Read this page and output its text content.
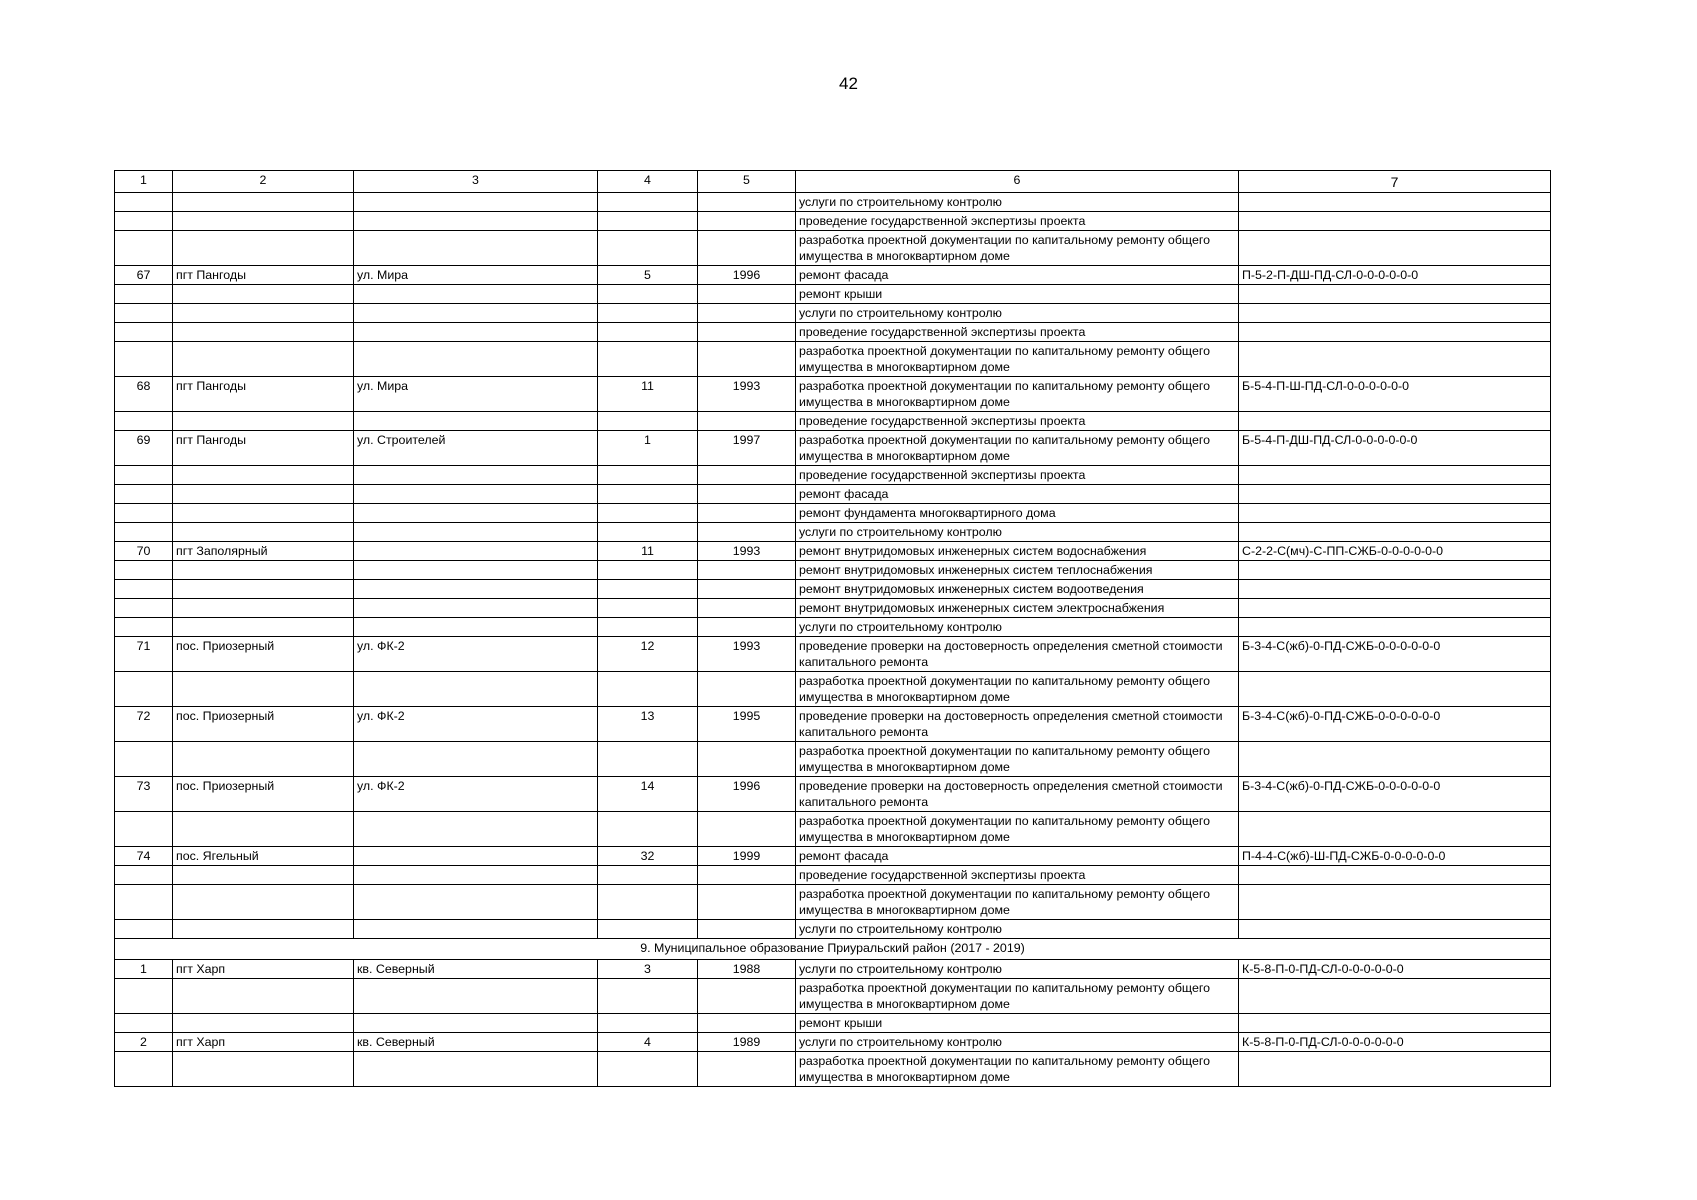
42
1	2	3	4	5	6	7
					услуги по строительному контролю	
					проведение государственной экспертизы проекта	
					разработка проектной документации по капитальному ремонту общего имущества в многоквартирном доме	
67	пгт Пангоды	ул. Мира	5	1996	ремонт фасада	П-5-2-П-ДШ-ПД-СЛ-0-0-0-0-0-0
					ремонт крыши	
					услуги по строительному контролю	
					проведение государственной экспертизы проекта	
					разработка проектной документации по капитальному ремонту общего имущества в многоквартирном доме	
68	пгт Пангоды	ул. Мира	11	1993	разработка проектной документации по капитальному ремонту общего имущества в многоквартирном доме	Б-5-4-П-Ш-ПД-СЛ-0-0-0-0-0-0
					проведение государственной экспертизы проекта	
69	пгт Пангоды	ул. Строителей	1	1997	разработка проектной документации по капитальному ремонту общего имущества в многоквартирном доме	Б-5-4-П-ДШ-ПД-СЛ-0-0-0-0-0-0
					проведение государственной экспертизы проекта	
					ремонт фасада	
					ремонт фундамента многоквартирного дома	
					услуги по строительному контролю	
70	пгт Заполярный		11	1993	ремонт внутридомовых инженерных систем водоснабжения	С-2-2-С(мч)-С-ПП-СЖБ-0-0-0-0-0-0
					ремонт внутридомовых инженерных систем теплоснабжения	
					ремонт внутридомовых инженерных систем водоотведения	
					ремонт внутридомовых инженерных систем электроснабжения	
					услуги по строительному контролю	
71	пос. Приозерный	ул. ФК-2	12	1993	проведение проверки на достоверность определения сметной стоимости капитального ремонта	Б-3-4-С(жб)-0-ПД-СЖБ-0-0-0-0-0-0
					разработка проектной документации по капитальному ремонту общего имущества в многоквартирном доме	
72	пос. Приозерный	ул. ФК-2	13	1995	проведение проверки на достоверность определения сметной стоимости капитального ремонта	Б-3-4-С(жб)-0-ПД-СЖБ-0-0-0-0-0-0
					разработка проектной документации по капитальному ремонту общего имущества в многоквартирном доме	
73	пос. Приозерный	ул. ФК-2	14	1996	проведение проверки на достоверность определения сметной стоимости капитального ремонта	Б-3-4-С(жб)-0-ПД-СЖБ-0-0-0-0-0-0
					разработка проектной документации по капитальному ремонту общего имущества в многоквартирном доме	
74	пос. Ягельный		32	1999	ремонт фасада	П-4-4-С(жб)-Ш-ПД-СЖБ-0-0-0-0-0-0
					проведение государственной экспертизы проекта	
					разработка проектной документации по капитальному ремонту общего имущества в многоквартирном доме	
					услуги по строительному контролю	
9. Муниципальное образование Приуральский район (2017 - 2019)						
1	пгт Харп	кв. Северный	3	1988	услуги по строительному контролю	К-5-8-П-0-ПД-СЛ-0-0-0-0-0-0
					разработка проектной документации по капитальному ремонту общего имущества в многоквартирном доме	
					ремонт крыши	
2	пгт Харп	кв. Северный	4	1989	услуги по строительному контролю	К-5-8-П-0-ПД-СЛ-0-0-0-0-0-0
					разработка проектной документации по капитальному ремонту общего имущества в многоквартирном доме	
